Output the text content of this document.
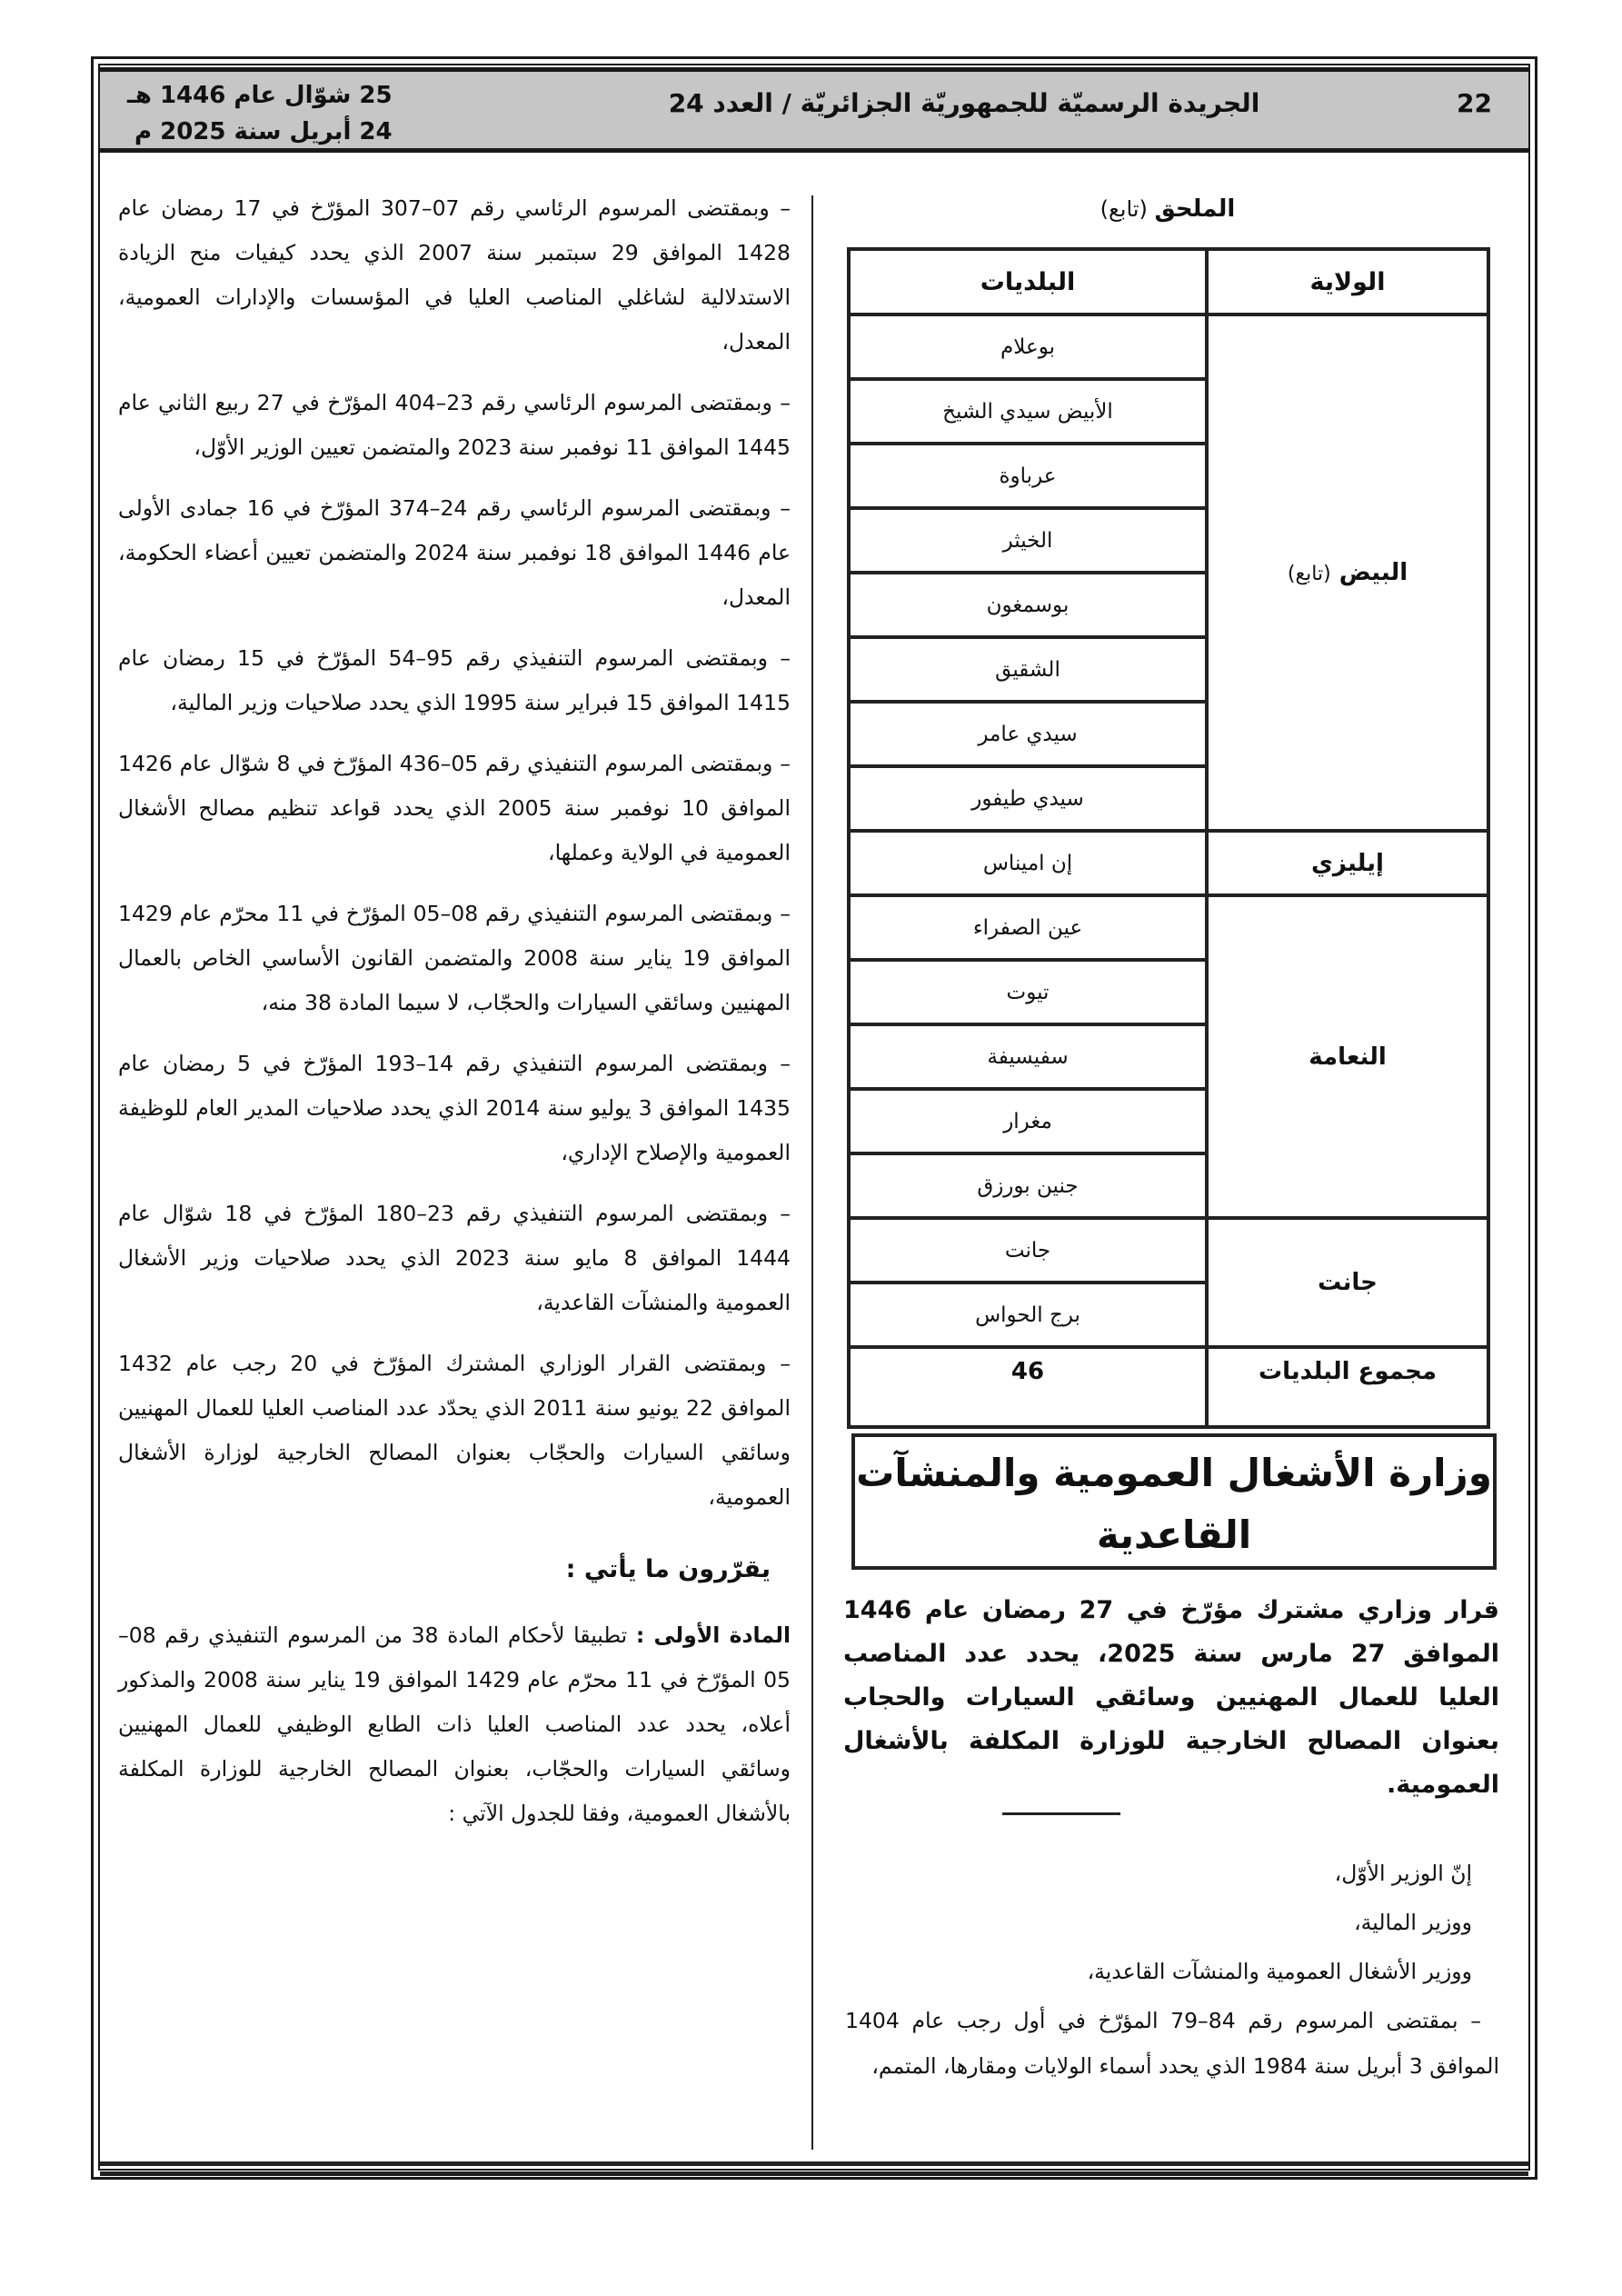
22
الجريدة الرسميّة للجمهوريّة الجزائريّة / العدد 24
25 شوّال عام 1446 هـ
24 أبريل سنة 2025 م

– وبمقتضى المرسوم الرئاسي رقم 07–307 المؤرّخ في 17 رمضان عام 1428 الموافق 29 سبتمبر سنة 2007 الذي يحدد كيفيات منح الزيادة الاستدلالية لشاغلي المناصب العليا في المؤسسات والإدارات العمومية، المعدل،

– وبمقتضى المرسوم الرئاسي رقم 23–404 المؤرّخ في 27 ربيع الثاني عام 1445 الموافق 11 نوفمبر سنة 2023 والمتضمن تعيين الوزير الأوّل،

– وبمقتضى المرسوم الرئاسي رقم 24–374 المؤرّخ في 16 جمادى الأولى عام 1446 الموافق 18 نوفمبر سنة 2024 والمتضمن تعيين أعضاء الحكومة، المعدل،

– وبمقتضى المرسوم التنفيذي رقم 95–54 المؤرّخ في 15 رمضان عام 1415 الموافق 15 فبراير سنة 1995 الذي يحدد صلاحيات وزير المالية،

– وبمقتضى المرسوم التنفيذي رقم 05–436 المؤرّخ في 8 شوّال عام 1426 الموافق 10 نوفمبر سنة 2005 الذي يحدد قواعد تنظيم مصالح الأشغال العمومية في الولاية وعملها،

– وبمقتضى المرسوم التنفيذي رقم 08–05 المؤرّخ في 11 محرّم عام 1429 الموافق 19 يناير سنة 2008 والمتضمن القانون الأساسي الخاص بالعمال المهنيين وسائقي السيارات والحجّاب، لا سيما المادة 38 منه،

– وبمقتضى المرسوم التنفيذي رقم 14–193 المؤرّخ في 5 رمضان عام 1435 الموافق 3 يوليو سنة 2014 الذي يحدد صلاحيات المدير العام للوظيفة العمومية والإصلاح الإداري،

– وبمقتضى المرسوم التنفيذي رقم 23–180 المؤرّخ في 18 شوّال عام 1444 الموافق 8 مايو سنة 2023 الذي يحدد صلاحيات وزير الأشغال العمومية والمنشآت القاعدية،

– وبمقتضى القرار الوزاري المشترك المؤرّخ في 20 رجب عام 1432 الموافق 22 يونيو سنة 2011 الذي يحدّد عدد المناصب العليا للعمال المهنيين وسائقي السيارات والحجّاب بعنوان المصالح الخارجية لوزارة الأشغال العمومية،

يقرّرون ما يأتي :

المادة الأولى : تطبيقا لأحكام المادة 38 من المرسوم التنفيذي رقم 08–05 المؤرّخ في 11 محرّم عام 1429 الموافق 19 يناير سنة 2008 والمذكور أعلاه، يحدد عدد المناصب العليا ذات الطابع الوظيفي للعمال المهنيين وسائقي السيارات والحجّاب، بعنوان المصالح الخارجية للوزارة المكلفة بالأشغال العمومية، وفقا للجدول الآتي :

الملحق (تابع)
الولاية	البلديات
البيض (تابع)	بوعلام
	الأبيض سيدي الشيخ
	عرباوة
	الخيثر
	بوسمغون
	الشقيق
	سيدي عامر
	سيدي طيفور
إيليزي	إن اميناس
النعامة	عين الصفراء
	تيوت
	سفيسيفة
	مغرار
	جنين بورزق
جانت	جانت
	برج الحواس
مجموع البلديات	46
وزارة الأشغال العمومية والمنشآت
القاعدية
قرار وزاري مشترك مؤرّخ في 27 رمضان عام 1446 الموافق 27 مارس سنة 2025، يحدد عدد المناصب العليا للعمال المهنيين وسائقي السيارات والحجاب بعنوان المصالح الخارجية للوزارة المكلفة بالأشغال العمومية.

إنّ الوزير الأوّل،

ووزير المالية،

ووزير الأشغال العمومية والمنشآت القاعدية،

– بمقتضى المرسوم رقم 84–79 المؤرّخ في أول رجب عام 1404 الموافق 3 أبريل سنة 1984 الذي يحدد أسماء الولايات ومقارها، المتمم،
